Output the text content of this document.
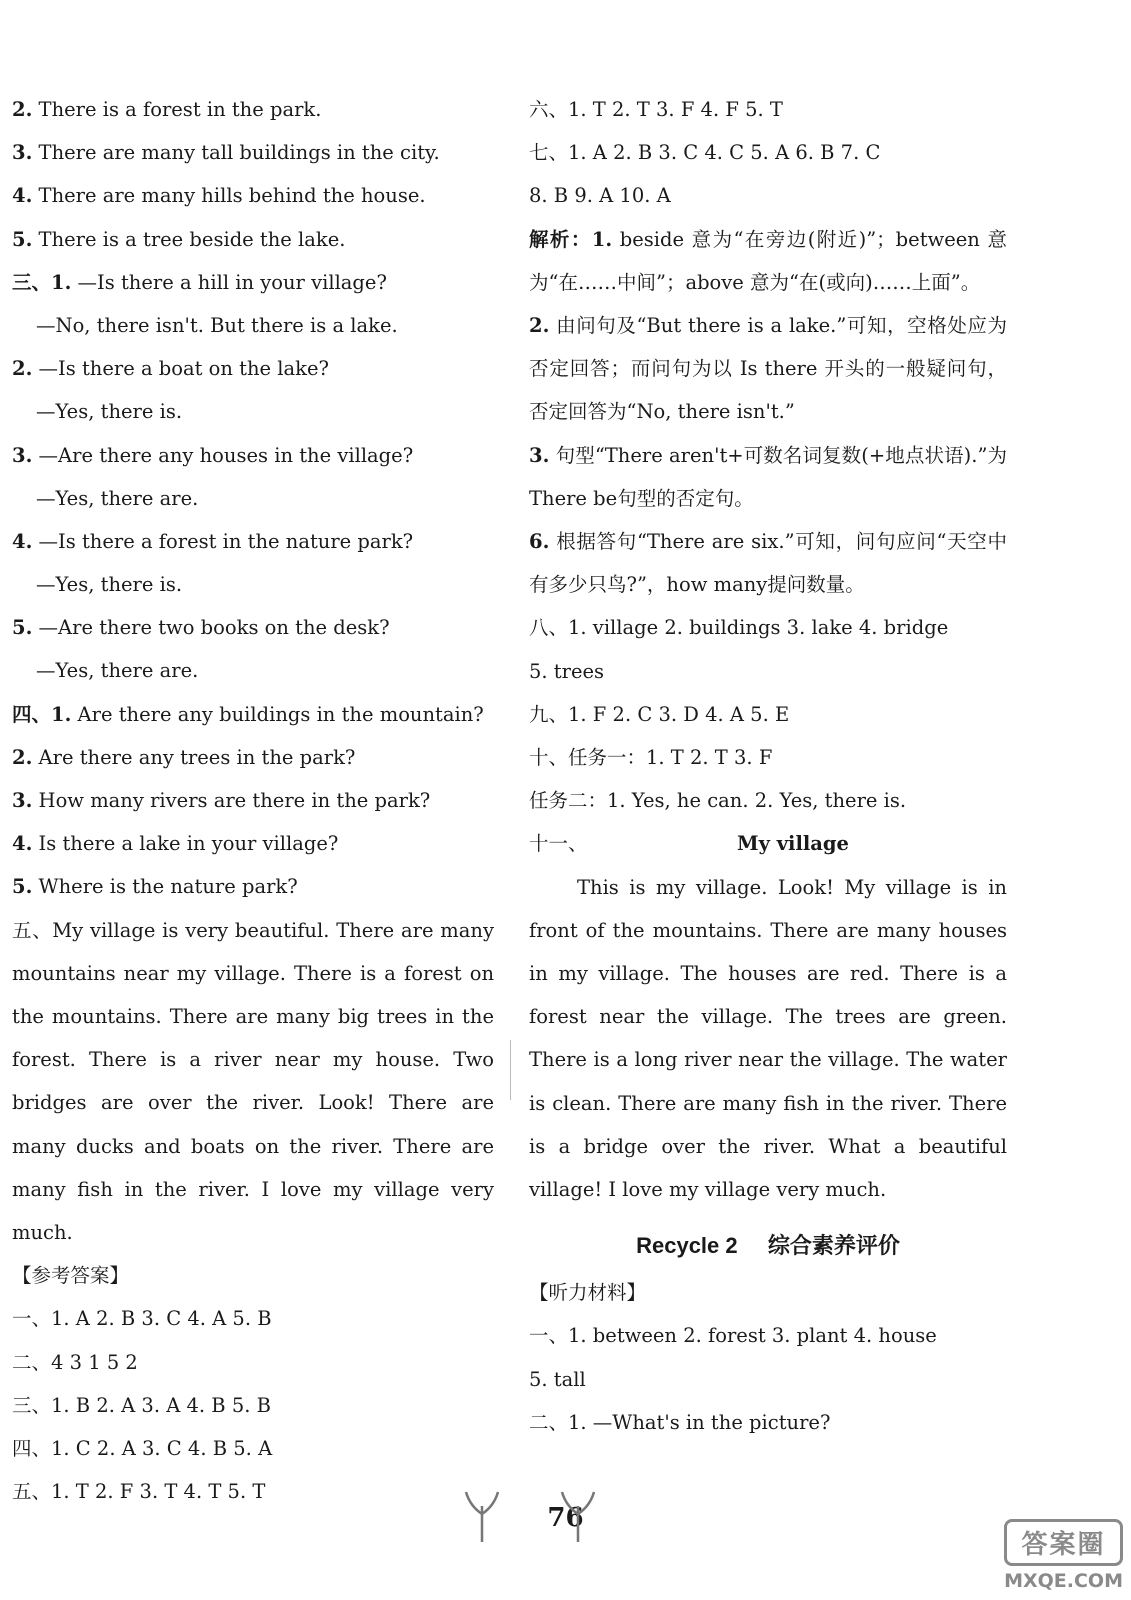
2. There is a forest in the park.
3. There are many tall buildings in the city.
4. There are many hills behind the house.
5. There is a tree beside the lake.
三、1. —Is there a hill in your village?
—No, there isn't. But there is a lake.
2. —Is there a boat on the lake?
—Yes, there is.
3. —Are there any houses in the village?
—Yes, there are.
4. —Is there a forest in the nature park?
—Yes, there is.
5. —Are there two books on the desk?
—Yes, there are.
四、1. Are there any buildings in the mountain?
2. Are there any trees in the park?
3. How many rivers are there in the park?
4. Is there a lake in your village?
5. Where is the nature park?
五、My village is very beautiful. There are many mountains near my village. There is a forest on the mountains. There are many big trees in the forest. There is a river near my house. Two bridges are over the river. Look! There are many ducks and boats on the river. There are many fish in the river. I love my village very much.
【参考答案】
一、1. A 2. B 3. C 4. A 5. B
二、4 3 1 5 2
三、1. B 2. A 3. A 4. B 5. B
四、1. C 2. A 3. C 4. B 5. A
五、1. T 2. F 3. T 4. T 5. T
六、1. T 2. T 3. F 4. F 5. T
七、1. A 2. B 3. C 4. C 5. A 6. B 7. C
8. B 9. A 10. A
解析：1. beside 意为“在旁边(附近)”；between 意为“在……中间”；above 意为“在(或向)……上面”。
2. 由问句及“But there is a lake.”可知，空格处应为否定回答；而问句为以 Is there 开头的一般疑问句，否定回答为“No, there isn't.”
3. 句型“There aren't+可数名词复数(+地点状语).”为There be句型的否定句。
6. 根据答句“There are six.”可知，问句应问“天空中有多少只鸟?”，how many提问数量。
八、1. village 2. buildings 3. lake 4. bridge
5. trees
九、1. F 2. C 3. D 4. A 5. E
十、任务一：1. T 2. T 3. F
任务二：1. Yes, he can. 2. Yes, there is.
十一、	My village
This is my village. Look! My village is in front of the mountains. There are many houses in my village. The houses are red. There is a forest near the village. The trees are green. There is a long river near the village. The water is clean. There are many fish in the river. There is a bridge over the river. What a beautiful village! I love my village very much.
Recycle 2 综合素养评价
【听力材料】
一、1. between 2. forest 3. plant 4. house
5. tall
二、1. —What's in the picture?
76
答案圈
MXQE.COM
